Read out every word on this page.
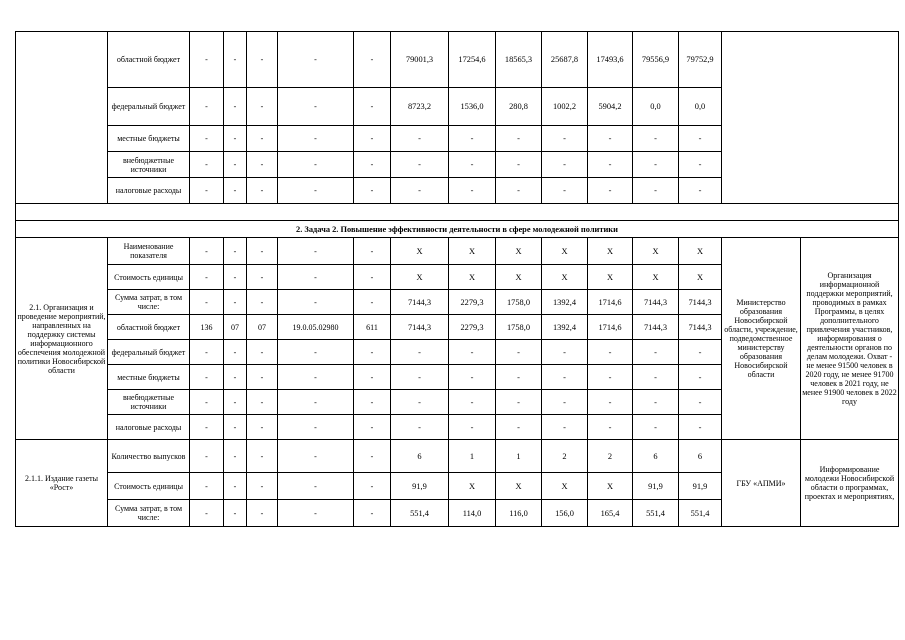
	областной бюджет	-	-	-	-	-	79001,3	17254,6	18565,3	25687,8	17493,6	79556,9	79752,9		
	федеральный бюджет	-	-	-	-	-	8723,2	1536,0	280,8	1002,2	5904,2	0,0	0,0		
	местные бюджеты	-	-	-	-	-	-	-	-	-	-	-	-		
	внебюджетные источники	-	-	-	-	-	-	-	-	-	-	-	-		
	налоговые расходы	-	-	-	-	-	-	-	-	-	-	-	-		

2. Задача 2. Повышение эффективности деятельности в сфере молодежной политики															
2.1. Организация и проведение мероприятий, направленных на поддержку системы информационного обеспечения молодежной политики Новосибирской области	Наименование показателя	-	-	-	-	-	X	X	X	X	X	X	X	Министерство образования Новосибирской области, учреждение, подведомственное министерству образования Новосибирской области	Организация информационной поддержки мероприятий, проводимых в рамках Программы, в целях дополнительного привлечения участников, информирования о деятельности органов по делам молодежи. Охват - не менее 91500 человек в 2020 году, не менее 91700 человек в 2021 году, не менее 91900 человек в 2022 году
	Стоимость единицы	-	-	-	-	-	X	X	X	X	X	X	X		
	Сумма затрат, в том числе:	-	-	-	-	-	7144,3	2279,3	1758,0	1392,4	1714,6	7144,3	7144,3		
	областной бюджет	136	07	07	19.0.05.02980	611	7144,3	2279,3	1758,0	1392,4	1714,6	7144,3	7144,3		
	федеральный бюджет	-	-	-	-	-	-	-	-	-	-	-	-		
	местные бюджеты	-	-	-	-	-	-	-	-	-	-	-	-		
	внебюджетные источники	-	-	-	-	-	-	-	-	-	-	-	-		
	налоговые расходы	-	-	-	-	-	-	-	-	-	-	-	-		
2.1.1. Издание газеты «Рост»	Количество выпусков	-	-	-	-	-	6	1	1	2	2	6	6	ГБУ «АПМИ»	Информирование молодежи Новосибирской области о программах, проектах и мероприятиях,
	Стоимость единицы	-	-	-	-	-	91,9	X	X	X	X	91,9	91,9		
	Сумма затрат, в том числе:	-	-	-	-	-	551,4	114,0	116,0	156,0	165,4	551,4	551,4		
